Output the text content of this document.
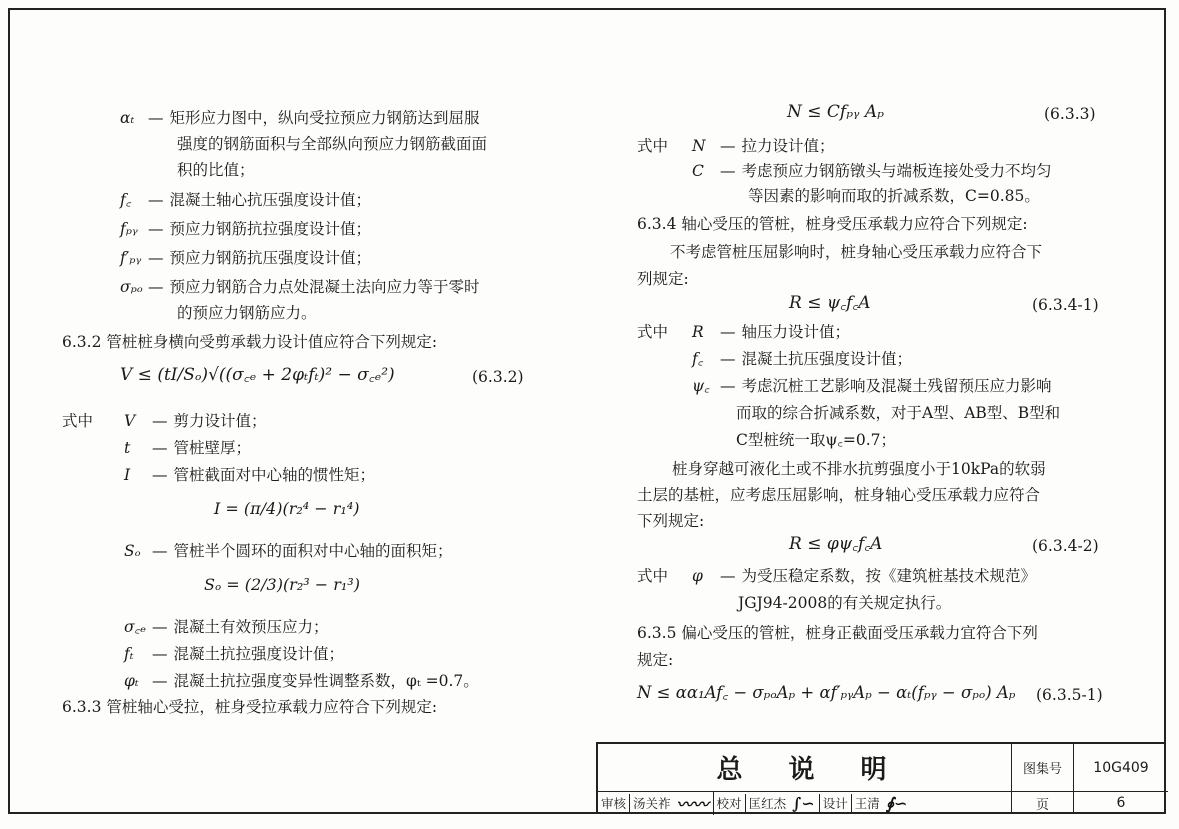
αₜ — 矩形应力图中，纵向受拉预应力钢筋达到屈服
强度的钢筋面积与全部纵向预应力钢筋截面面
积的比值；
f꜀ — 混凝土轴心抗压强度设计值；
fₚᵧ — 预应力钢筋抗拉强度设计值；
f′ₚᵧ — 预应力钢筋抗压强度设计值；
σₚₒ — 预应力钢筋合力点处混凝土法向应力等于零时
的预应力钢筋应力。
6.3.2 管桩桩身横向受剪承载力设计值应符合下列规定:
V ≤ (tI/Sₒ)√((σ꜀ₑ + 2φₜfₜ)² − σ꜀ₑ²)	(6.3.2)
式中 V — 剪力设计值；
t — 管桩壁厚；
I — 管桩截面对中心轴的惯性矩；
I = (π/4)(r₂⁴ − r₁⁴)
Sₒ — 管桩半个圆环的面积对中心轴的面积矩；
Sₒ = (2/3)(r₂³ − r₁³)
σ꜀ₑ — 混凝土有效预压应力；
fₜ — 混凝土抗拉强度设计值；
φₜ — 混凝土抗拉强度变异性调整系数，φₜ =0.7。
6.3.3 管桩轴心受拉，桩身受拉承载力应符合下列规定:
N ≤ Cfₚᵧ Aₚ	(6.3.3)
式中 N — 拉力设计值；
C — 考虑预应力钢筋镦头与端板连接处受力不均匀
等因素的影响而取的折减系数，C=0.85。
6.3.4 轴心受压的管桩，桩身受压承载力应符合下列规定:
不考虑管桩压屈影响时，桩身轴心受压承载力应符合下
列规定:
R ≤ ψ꜀f꜀A	(6.3.4-1)
式中 R — 轴压力设计值；
f꜀ — 混凝土抗压强度设计值；
ψ꜀ — 考虑沉桩工艺影响及混凝土残留预压应力影响
而取的综合折减系数，对于A型、AB型、B型和
C型桩统一取ψ꜀=0.7；
桩身穿越可液化土或不排水抗剪强度小于10kPa的软弱
土层的基桩，应考虑压屈影响，桩身轴心受压承载力应符合
下列规定:
R ≤ φψ꜀f꜀A	(6.3.4-2)
式中 φ — 为受压稳定系数，按《建筑桩基技术规范》
JGJ94-2008的有关规定执行。
6.3.5 偏心受压的管桩，桩身正截面受压承载力宜符合下列
规定:
N ≤ αα₁Af꜀ − σₚₒAₚ + αf′ₚᵧAₚ − αₜ(fₚᵧ − σₚₒ) Aₚ (6.3.5-1)
总说明	图集号	10G409
审核 汤关祚 〰〰 校对 匡红杰 ∫∽ 设计 王清 ∮∽	页	6
